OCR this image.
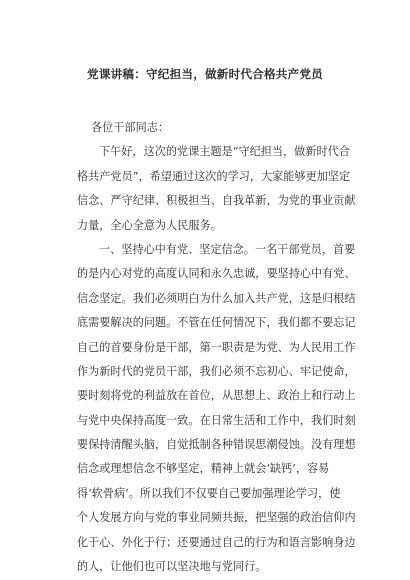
党课讲稿：守纪担当，做新时代合格共产党员
各位干部同志：
下午好，这次的党课主题是“守纪担当，做新时代合
格共产党员”，希望通过这次的学习，大家能够更加坚定
信念、严守纪律、积极担当、自我革新，为党的事业贡献
力量，全心全意为人民服务。
一、坚持心中有党、坚定信念。一名干部党员，首要
的是内心对党的高度认同和永久忠诚，要坚持心中有党、
信念坚定。我们必须明白为什么加入共产党，这是归根结
底需要解决的问题。不管在任何情况下，我们都不要忘记
自己的首要身份是干部，第一职责是为党、为人民用工作
作为新时代的党员干部，我们必须不忘初心、牢记使命，
要时刻将党的利益放在首位，从思想上、政治上和行动上
与党中央保持高度一致。在日常生活和工作中，我们时刻
要保持清醒头脑，自觉抵制各种错误思潮侵蚀。没有理想
信念或理想信念不够坚定，精神上就会‘缺钙’，容易
得‘软骨病’。所以我们不仅要自己要加强理论学习，使
个人发展方向与党的事业同频共振，把坚强的政治信仰内
化于心、外化于行；还要通过自己的行为和语言影响身边
的人，让他们也可以坚决地与党同行。
